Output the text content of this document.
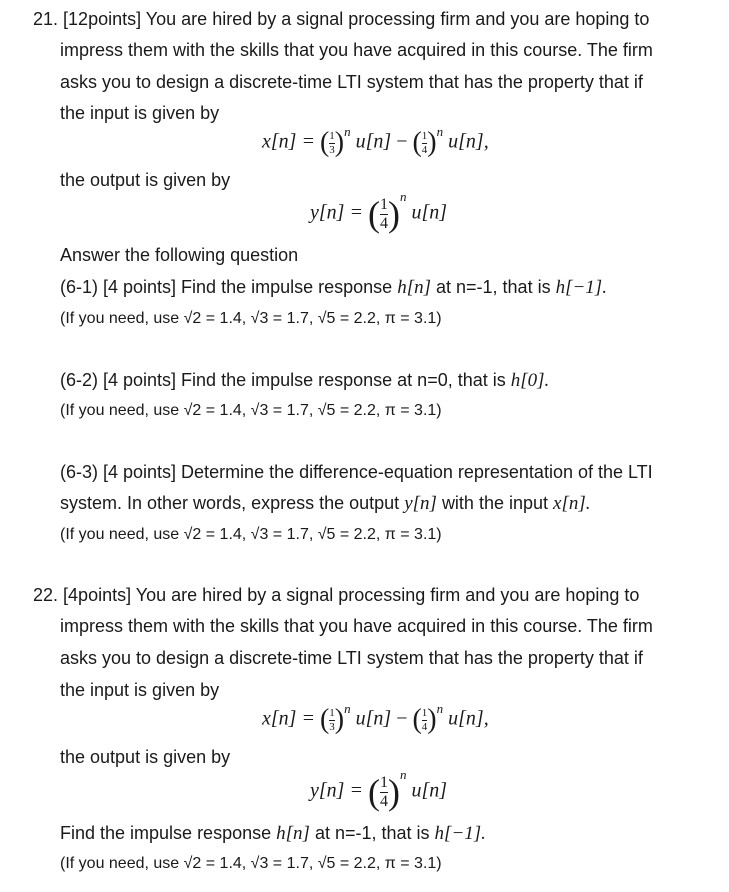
21. [12points] You are hired by a signal processing firm and you are hoping to
impress them with the skills that you have acquired in this course. The firm
asks you to design a discrete-time LTI system that has the property that if
the input is given by
x[n] = ( $\frac{1}{3} )n$ u[n] − ( $\frac{1}{4} )n$ u[n],
the output is given by
y[n] = ( $\frac{1}{4} )n$ u[n]
Answer the following question
(6-1) [4 points] Find the impulse response h[n] at n=-1, that is h[−1].
(If you need, use √2 = 1.4, √3 = 1.7, √5 = 2.2, π = 3.1)
(6-2) [4 points] Find the impulse response at n=0, that is h[0].
(If you need, use √2 = 1.4, √3 = 1.7, √5 = 2.2, π = 3.1)
(6-3) [4 points] Determine the difference-equation representation of the LTI
system. In other words, express the output y[n] with the input x[n].
(If you need, use √2 = 1.4, √3 = 1.7, √5 = 2.2, π = 3.1)
22. [4points] You are hired by a signal processing firm and you are hoping to
impress them with the skills that you have acquired in this course. The firm
asks you to design a discrete-time LTI system that has the property that if
the input is given by
x[n] = ( $\frac{1}{3} )n$ u[n] − ( $\frac{1}{4} )n$ u[n],
the output is given by
y[n] = ( $\frac{1}{4} )n$ u[n]
Find the impulse response h[n] at n=-1, that is h[−1].
(If you need, use √2 = 1.4, √3 = 1.7, √5 = 2.2, π = 3.1)
